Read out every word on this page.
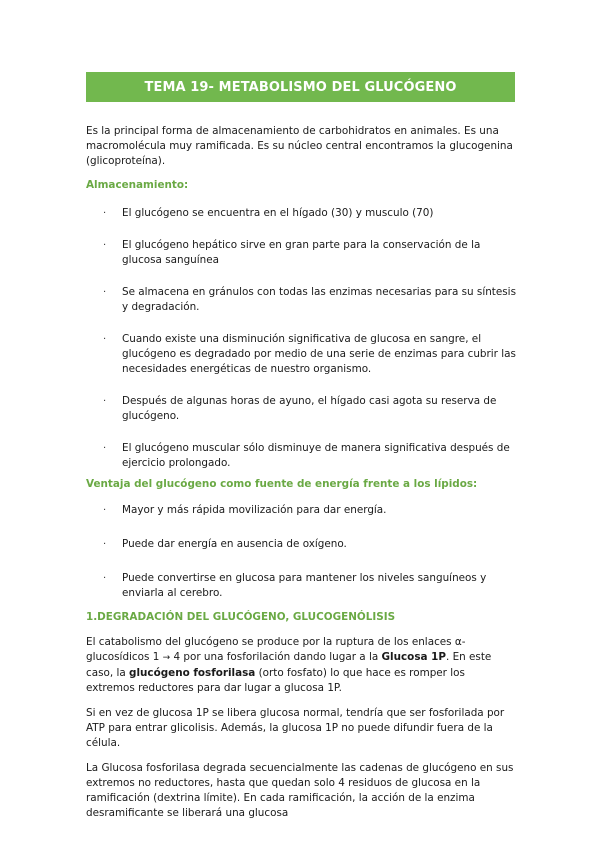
TEMA 19- METABOLISMO DEL GLUCÓGENO

Es la principal forma de almacenamiento de carbohidratos en animales. Es una macromolécula muy ramificada. Es su núcleo central encontramos la glucogenina (glicoproteína).

Almacenamiento:
· El glucógeno se encuentra en el hígado (30) y musculo (70)
· El glucógeno hepático sirve en gran parte para la conservación de la glucosa sanguínea
· Se almacena en gránulos con todas las enzimas necesarias para su síntesis y degradación.
· Cuando existe una disminución significativa de glucosa en sangre, el glucógeno es degradado por medio de una serie de enzimas para cubrir las necesidades energéticas de nuestro organismo.
· Después de algunas horas de ayuno, el hígado casi agota su reserva de glucógeno.
· El glucógeno muscular sólo disminuye de manera significativa después de ejercicio prolongado.
Ventaja del glucógeno como fuente de energía frente a los lípidos:
· Mayor y más rápida movilización para dar energía.
· Puede dar energía en ausencia de oxígeno.
· Puede convertirse en glucosa para mantener los niveles sanguíneos y enviarla al cerebro.
1.DEGRADACIÓN DEL GLUCÓGENO, GLUCOGENÓLISIS

El catabolismo del glucógeno se produce por la ruptura de los enlaces α-glucosídicos 1 → 4 por una fosforilación dando lugar a la Glucosa 1P. En este caso, la glucógeno fosforilasa (orto fosfato) lo que hace es romper los extremos reductores para dar lugar a glucosa 1P.

Si en vez de glucosa 1P se libera glucosa normal, tendría que ser fosforilada por ATP para entrar glicolisis. Además, la glucosa 1P no puede difundir fuera de la célula.

La Glucosa fosforilasa degrada secuencialmente las cadenas de glucógeno en sus extremos no reductores, hasta que quedan solo 4 residuos de glucosa en la ramificación (dextrina límite). En cada ramificación, la acción de la enzima desramificante se liberará una glucosa
